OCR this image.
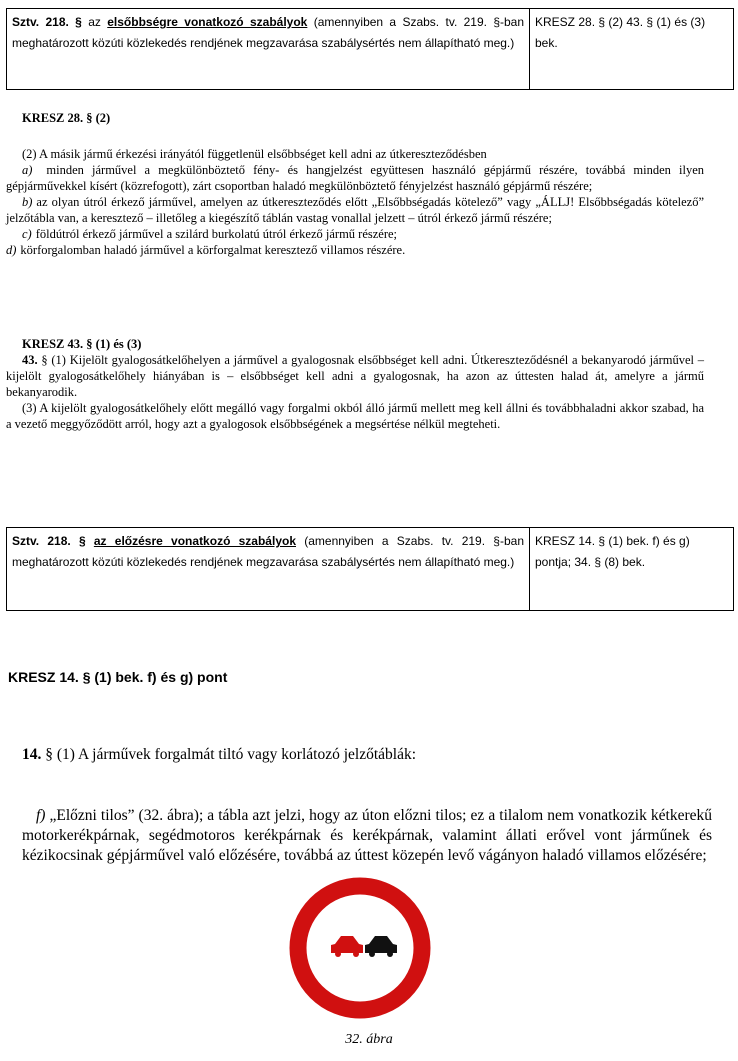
Sztv. 218. § az elsőbbségre vonatkozó szabályok (amennyiben a Szabs. tv. 219. §-ban meghatározott közúti közlekedés rendjének megzavarása szabálysértés nem állapítható meg.)	KRESZ 28. § (2) 43. § (1) és (3) bek.

KRESZ 28. § (2)

(2) A másik jármű érkezési irányától függetlenül elsőbbséget kell adni az útkereszteződésben

a) minden járművel a megkülönböztető fény- és hangjelzést együttesen használó gépjármű részére, továbbá minden ilyen gépjárművekkel kísért (közrefogott), zárt csoportban haladó megkülönböztető fényjelzést használó gépjármű részére;

b) az olyan útról érkező járművel, amelyen az útkereszteződés előtt „Elsőbbségadás kötelező” vagy „ÁLLJ! Elsőbbségadás kötelező” jelzőtábla van, a keresztező – illetőleg a kiegészítő táblán vastag vonallal jelzett – útról érkező jármű részére;

c) földútról érkező járművel a szilárd burkolatú útról érkező jármű részére;

d) körforgalomban haladó járművel a körforgalmat keresztező villamos részére.

KRESZ 43. § (1) és (3)

43. § (1) Kijelölt gyalogosátkelőhelyen a járművel a gyalogosnak elsőbbséget kell adni. Útkereszteződésnél a bekanyarodó járművel – kijelölt gyalogosátkelőhely hiányában is – elsőbbséget kell adni a gyalogosnak, ha azon az úttesten halad át, amelyre a jármű bekanyarodik.

(3) A kijelölt gyalogosátkelőhely előtt megálló vagy forgalmi okból álló jármű mellett meg kell állni és továbbhaladni akkor szabad, ha a vezető meggyőződött arról, hogy azt a gyalogosok elsőbbségének a megsértése nélkül megteheti.

Sztv. 218. § az előzésre vonatkozó szabályok (amennyiben a Szabs. tv. 219. §-ban meghatározott közúti közlekedés rendjének megzavarása szabálysértés nem állapítható meg.)	KRESZ 14. § (1) bek. f) és g) pontja; 34. § (8) bek.
KRESZ 14. § (1) bek. f) és g) pont
14. § (1) A járművek forgalmát tiltó vagy korlátozó jelzőtáblák:
f) „Előzni tilos” (32. ábra); a tábla azt jelzi, hogy az úton előzni tilos; ez a tilalom nem vonatkozik kétkerekű motorkerékpárnak, segédmotoros kerékpárnak és kerékpárnak, valamint állati erővel vont járműnek és kézikocsinak gépjárművel való előzésére, továbbá az úttest közepén levő vágányon haladó villamos előzésére;
32. ábra
